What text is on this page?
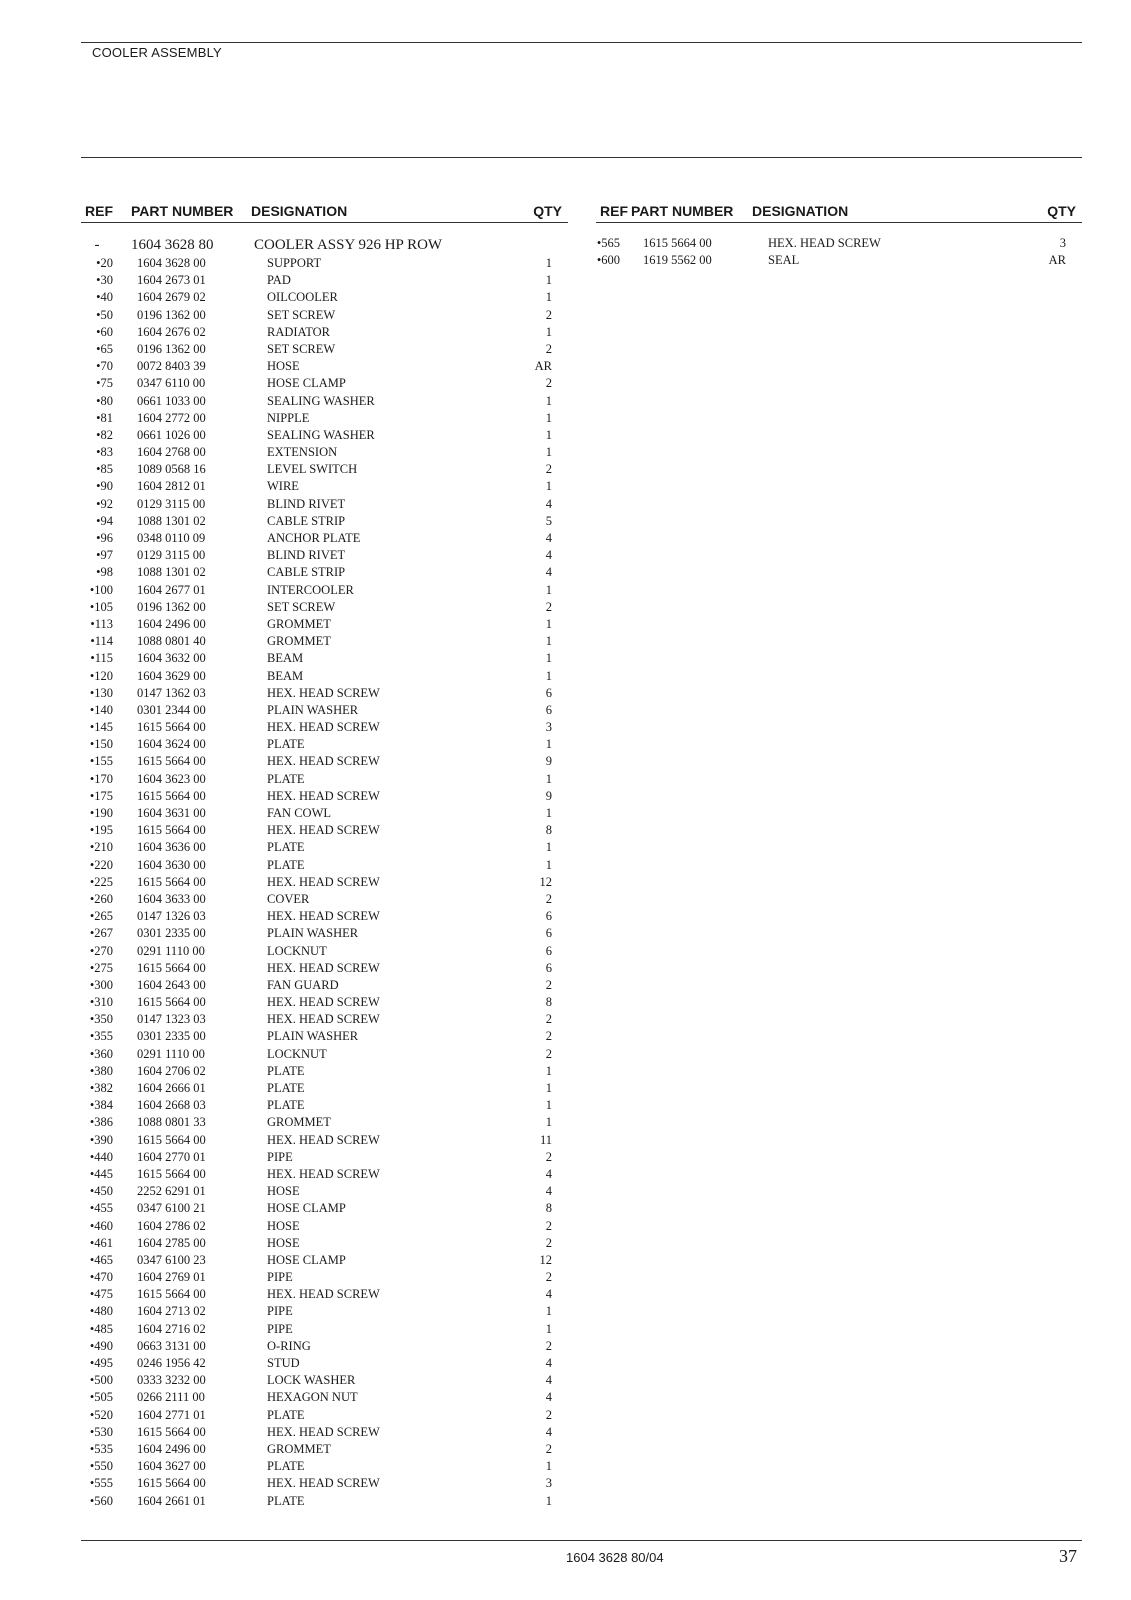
COOLER ASSEMBLY
REF PART NUMBER DESIGNATION	QTY
-	1604 3628 80	COOLER ASSY 926 HP ROW
•20 1604 3628 00	SUPPORT	1
•30 1604 2673 01	PAD	1
•40 1604 2679 02	OILCOOLER	1
•50 0196 1362 00	SET SCREW	2
•60 1604 2676 02	RADIATOR	1
•65 0196 1362 00	SET SCREW	2
•70 0072 8403 39	HOSE	AR
•75 0347 6110 00	HOSE CLAMP	2
•80 0661 1033 00	SEALING WASHER	1
•81 1604 2772 00	NIPPLE	1
•82 0661 1026 00	SEALING WASHER	1
•83 1604 2768 00	EXTENSION	1
•85 1089 0568 16	LEVEL SWITCH	2
•90 1604 2812 01	WIRE	1
•92 0129 3115 00	BLIND RIVET	4
•94 1088 1301 02	CABLE STRIP	5
•96 0348 0110 09	ANCHOR PLATE	4
•97 0129 3115 00	BLIND RIVET	4
•98 1088 1301 02	CABLE STRIP	4
•100 1604 2677 01	INTERCOOLER	1
•105 0196 1362 00	SET SCREW	2
•113 1604 2496 00	GROMMET	1
•114 1088 0801 40	GROMMET	1
•115 1604 3632 00	BEAM	1
•120 1604 3629 00	BEAM	1
•130 0147 1362 03	HEX. HEAD SCREW	6
•140 0301 2344 00	PLAIN WASHER	6
•145 1615 5664 00	HEX. HEAD SCREW	3
•150 1604 3624 00	PLATE	1
•155 1615 5664 00	HEX. HEAD SCREW	9
•170 1604 3623 00	PLATE	1
•175 1615 5664 00	HEX. HEAD SCREW	9
•190 1604 3631 00	FAN COWL	1
•195 1615 5664 00	HEX. HEAD SCREW	8
•210 1604 3636 00	PLATE	1
•220 1604 3630 00	PLATE	1
•225 1615 5664 00	HEX. HEAD SCREW	12
•260 1604 3633 00	COVER	2
•265 0147 1326 03	HEX. HEAD SCREW	6
•267 0301 2335 00	PLAIN WASHER	6
•270 0291 1110 00	LOCKNUT	6
•275 1615 5664 00	HEX. HEAD SCREW	6
•300 1604 2643 00	FAN GUARD	2
•310 1615 5664 00	HEX. HEAD SCREW	8
•350 0147 1323 03	HEX. HEAD SCREW	2
•355 0301 2335 00	PLAIN WASHER	2
•360 0291 1110 00	LOCKNUT	2
•380 1604 2706 02	PLATE	1
•382 1604 2666 01	PLATE	1
•384 1604 2668 03	PLATE	1
•386 1088 0801 33	GROMMET	1
•390 1615 5664 00	HEX. HEAD SCREW	11
•440 1604 2770 01	PIPE	2
•445 1615 5664 00	HEX. HEAD SCREW	4
•450 2252 6291 01	HOSE	4
•455 0347 6100 21	HOSE CLAMP	8
•460 1604 2786 02	HOSE	2
•461 1604 2785 00	HOSE	2
•465 0347 6100 23	HOSE CLAMP	12
•470 1604 2769 01	PIPE	2
•475 1615 5664 00	HEX. HEAD SCREW	4
•480 1604 2713 02	PIPE	1
•485 1604 2716 02	PIPE	1
•490 0663 3131 00	O-RING	2
•495 0246 1956 42	STUD	4
•500 0333 3232 00	LOCK WASHER	4
•505 0266 2111 00	HEXAGON NUT	4
•520 1604 2771 01	PLATE	2
•530 1615 5664 00	HEX. HEAD SCREW	4
•535 1604 2496 00	GROMMET	2
•550 1604 3627 00	PLATE	1
•555 1615 5664 00	HEX. HEAD SCREW	3
•560 1604 2661 01	PLATE	1
REF PART NUMBER DESIGNATION	QTY
•565 1615 5664 00	HEX. HEAD SCREW	3
•600 1619 5562 00	SEAL	AR
1604 3628 80/04	37
